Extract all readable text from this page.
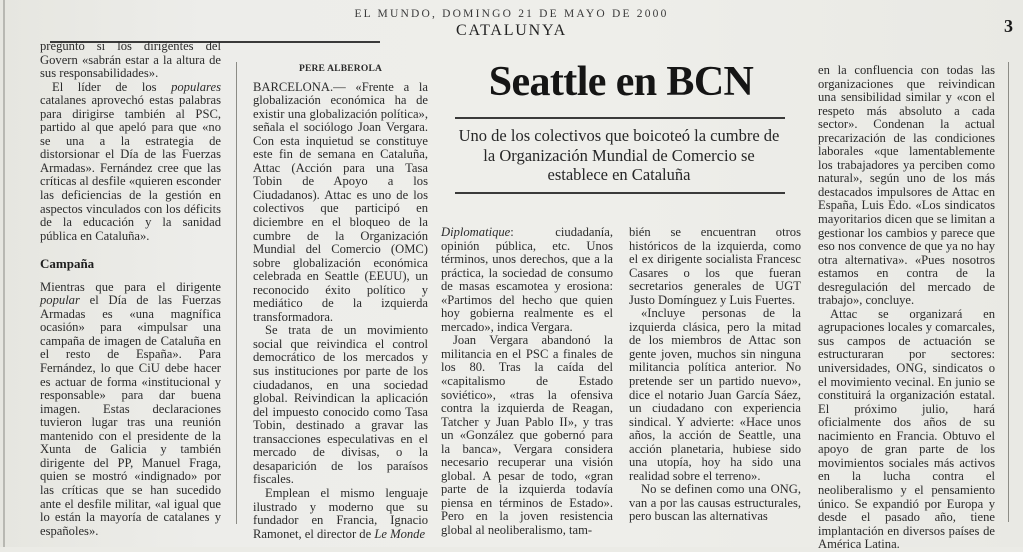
EL MUNDO, DOMINGO 21 DE MAYO DE 2000
CATALUNYA	3

preguntó si los dirigentes del Govern «sabrán estar a la altura de sus responsabilidades».

El líder de los populares catalanes aprovechó estas palabras para dirigirse también al PSC, partido al que apeló para que «no se una a la estrategia de distorsionar el Día de las Fuerzas Armadas». Fernández cree que las críticas al desfile «quieren esconder las deficiencias de la gestión en aspectos vinculados con los déficits de la educación y la sanidad pública en Cataluña».

Campaña

Mientras que para el dirigente popular el Día de las Fuerzas Armadas es «una magnífica ocasión» para «impulsar una campaña de imagen de Cataluña en el resto de España». Para Fernández, lo que CiU debe hacer es actuar de forma «institucional y responsable» para dar buena imagen. Estas declaraciones tuvieron lugar tras una reunión mantenido con el presidente de la Xunta de Galicia y también dirigente del PP, Manuel Fraga, quien se mostró «indignado» por las críticas que se han sucedido ante el desfile militar, «al igual que lo están la mayoría de catalanes y españoles».

Seattle en BCN
Uno de los colectivos que boicoteó la cumbre de la Organización Mundial de Comercio se establece en Cataluña
PERE ALBEROLA

BARCELONA.— «Frente a la globalización económica ha de existir una globalización política», señala el sociólogo Joan Vergara. Con esta inquietud se constituye este fin de semana en Cataluña, Attac (Acción para una Tasa Tobin de Apoyo a los Ciudadanos). Attac es uno de los colectivos que participó en diciembre en el bloqueo de la cumbre de la Organización Mundial del Comercio (OMC) sobre globalización económica celebrada en Seattle (EEUU), un reconocido éxito político y mediático de la izquierda transformadora.

Se trata de un movimiento social que reivindica el control democrático de los mercados y sus instituciones por parte de los ciudadanos, en una sociedad global. Reivindican la aplicación del impuesto conocido como Tasa Tobin, destinado a gravar las transacciones especulativas en el mercado de divisas, o la desaparición de los paraísos fiscales.

Emplean el mismo lenguaje ilustrado y moderno que su fundador en Francia, Ignacio Ramonet, el director de Le Monde

Diplomatique: ciudadanía, opinión pública, etc. Unos términos, unos derechos, que a la práctica, la sociedad de consumo de masas escamotea y erosiona: «Partimos del hecho que quien hoy gobierna realmente es el mercado», indica Vergara.

Joan Vergara abandonó la militancia en el PSC a finales de los 80. Tras la caída del «capitalismo de Estado soviético», «tras la ofensiva contra la izquierda de Reagan, Tatcher y Juan Pablo II», y tras un «González que gobernó para la banca», Vergara considera necesario recuperar una visión global. A pesar de todo, «gran parte de la izquierda todavía piensa en términos de Estado». Pero en la joven resistencia global al neoliberalismo, tam-

bién se encuentran otros históricos de la izquierda, como el ex dirigente socialista Francesc Casares o los que fueran secretarios generales de UGT Justo Domínguez y Luis Fuertes.

«Incluye personas de la izquierda clásica, pero la mitad de los miembros de Attac son gente joven, muchos sin ninguna militancia política anterior. No pretende ser un partido nuevo», dice el notario Juan García Sáez, un ciudadano con experiencia sindical. Y advierte: «Hace unos años, la acción de Seattle, una acción planetaria, hubiese sido una utopía, hoy ha sido una realidad sobre el terreno».

No se definen como una ONG, van a por las causas estructurales, pero buscan las alternativas

en la confluencia con todas las organizaciones que reivindican una sensibilidad similar y «con el respeto más absoluto a cada sector». Condenan la actual precarización de las condiciones laborales «que lamentablemente los trabajadores ya perciben como natural», según uno de los más destacados impulsores de Attac en España, Luis Edo. «Los sindicatos mayoritarios dicen que se limitan a gestionar los cambios y parece que eso nos convence de que ya no hay otra alternativa». «Pues nosotros estamos en contra de la desregulación del mercado de trabajo», concluye.

Attac se organizará en agrupaciones locales y comarcales, sus campos de actuación se estructuraran por sectores: universidades, ONG, sindicatos o el movimiento vecinal. En junio se constituirá la organización estatal. El próximo julio, hará oficialmente dos años de su nacimiento en Francia. Obtuvo el apoyo de gran parte de los movimientos sociales más activos en la lucha contra el neoliberalismo y el pensamiento único. Se expandió por Europa y desde el pasado año, tiene implantación en diversos países de América Latina.
